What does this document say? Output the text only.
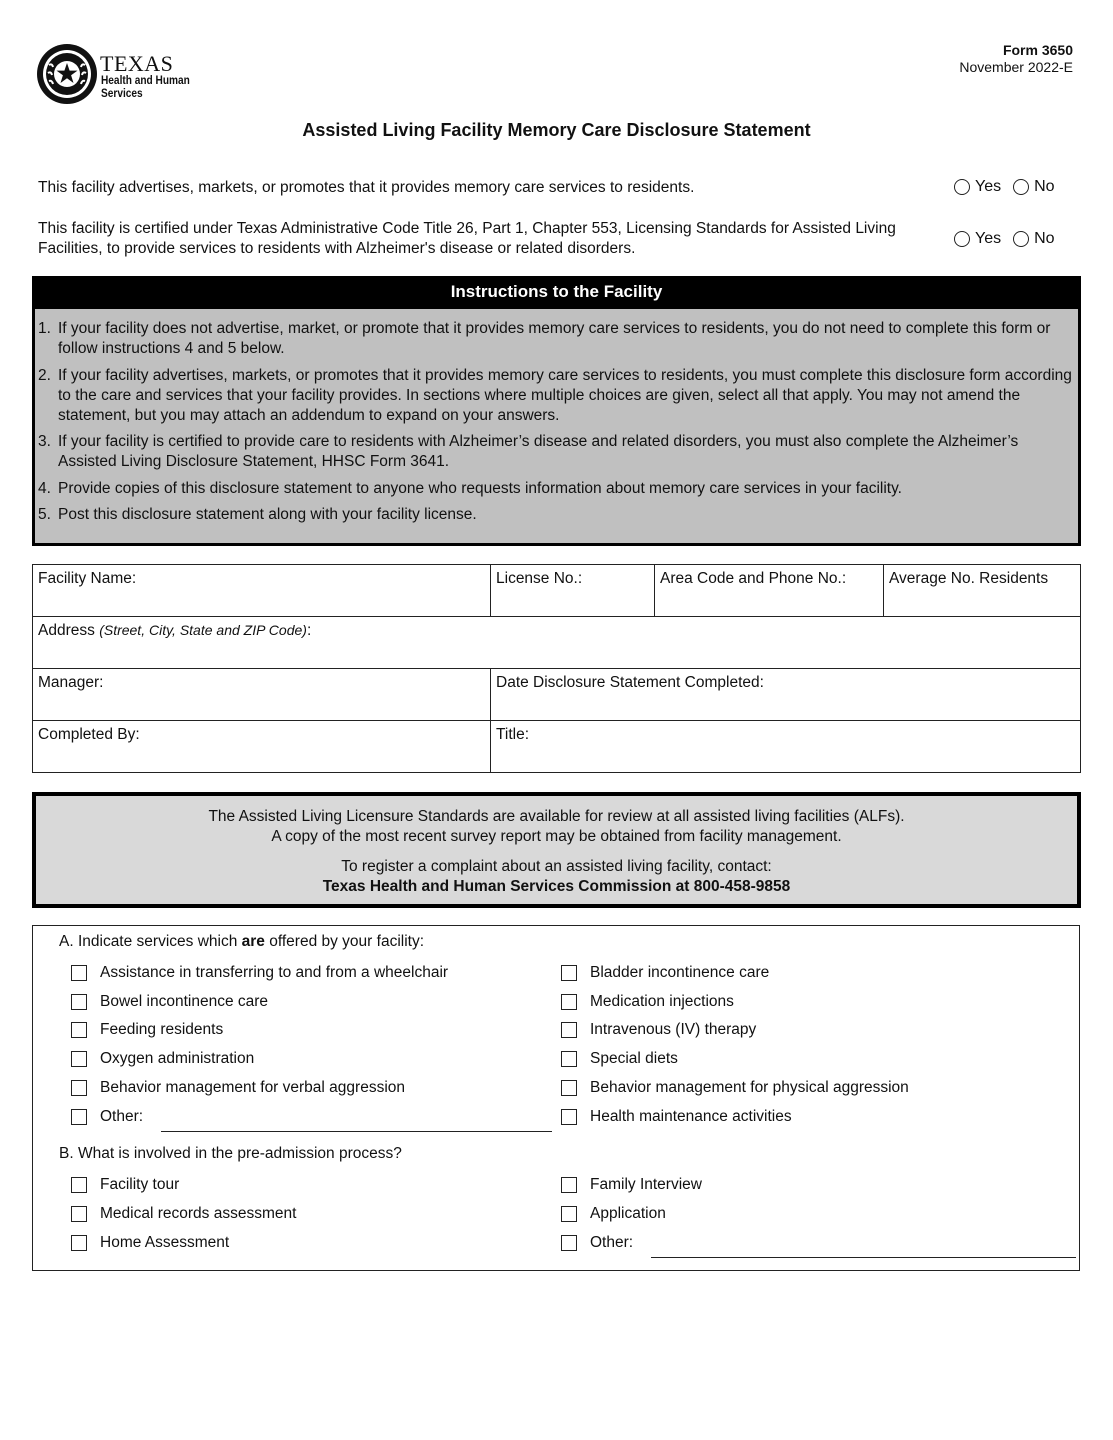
TEXAS
Health and Human
Services
Form 3650
November 2022-E
Assisted Living Facility Memory Care Disclosure Statement
This facility advertises, markets, or promotes that it provides memory care services to residents.	Yes No
This facility is certified under Texas Administrative Code Title 26, Part 1, Chapter 553, Licensing Standards for Assisted Living Facilities, to provide services to residents with Alzheimer's disease or related disorders.
Yes No
Instructions to the Facility
1. If your facility does not advertise, market, or promote that it provides memory care services to residents, you do not need to complete this form or follow instructions 4 and 5 below.
2. If your facility advertises, markets, or promotes that it provides memory care services to residents, you must complete this disclosure form according to the care and services that your facility provides. In sections where multiple choices are given, select all that apply. You may not amend the statement, but you may attach an addendum to expand on your answers.
3. If your facility is certified to provide care to residents with Alzheimer’s disease and related disorders, you must also complete the Alzheimer’s Assisted Living Disclosure Statement, HHSC Form 3641.
4. Provide copies of this disclosure statement to anyone who requests information about memory care services in your facility.
5. Post this disclosure statement along with your facility license.
Facility Name:	License No.:	Area Code and Phone No.:	Average No. Residents
Address (Street, City, State and ZIP Code):			
Manager:	Date Disclosure Statement Completed:		
Completed By:	Title:		
The Assisted Living Licensure Standards are available for review at all assisted living facilities (ALFs).
A copy of the most recent survey report may be obtained from facility management.
To register a complaint about an assisted living facility, contact:
Texas Health and Human Services Commission at 800-458-9858
A. Indicate services which are offered by your facility:
Assistance in transferring to and from a wheelchair
Bowel incontinence care
Feeding residents
Oxygen administration
Behavior management for verbal aggression
Other:
Bladder incontinence care
Medication injections
Intravenous (IV) therapy
Special diets
Behavior management for physical aggression
Health maintenance activities
B. What is involved in the pre-admission process?
Facility tour
Medical records assessment
Home Assessment
Family Interview
Application
Other:
